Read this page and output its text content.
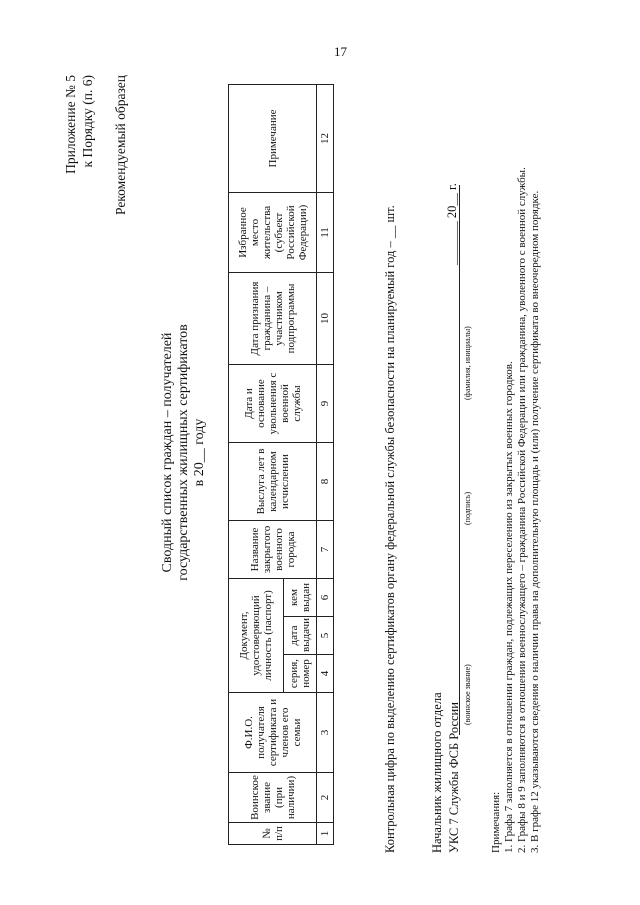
17
Приложение № 5 к Порядку (п. 6) Рекомендуемый образец
Сводный список граждан – получателей государственных жилищных сертификатов в 20__ году
№ п/п	Воинское звание (при наличии)	Ф.И.О. получателя сертификата и членов его семьи	Документ, удостоверяющий личность (паспорт)			Название закрытого военного городка	Выслуга лет в календарном исчислении	Дата и основание увольнения с военной службы	Дата признания гражданина – участником подпрограммы	Избранное место жительства (субъект Российской Федерации)	Примечание
			серия, номер	дата выдачи	кем выдан						
1	2	3	4	5	6	7	8	9	10	11	12
Контрольная цифра по выделению сертификатов органу федеральной службы безопасности на планируемый год – __ шт.	Начальник жилищного отдела УКС 7 Службы ФСБ России
(воинское звание)
(подпись)
(фамилия, инициалы)
_______ 20__ г.

Примечания: 1. Графа 7 заполняется в отношении граждан, подлежащих переселению из закрытых военных городков. 2. Графы 8 и 9 заполняются в отношении военнослужащего – гражданина Российской Федерации или гражданина, уволенного с военной службы. 3. В графе 12 указываются сведения о наличии права на дополнительную площадь и (или) получение сертификата во внеочередном порядке.
